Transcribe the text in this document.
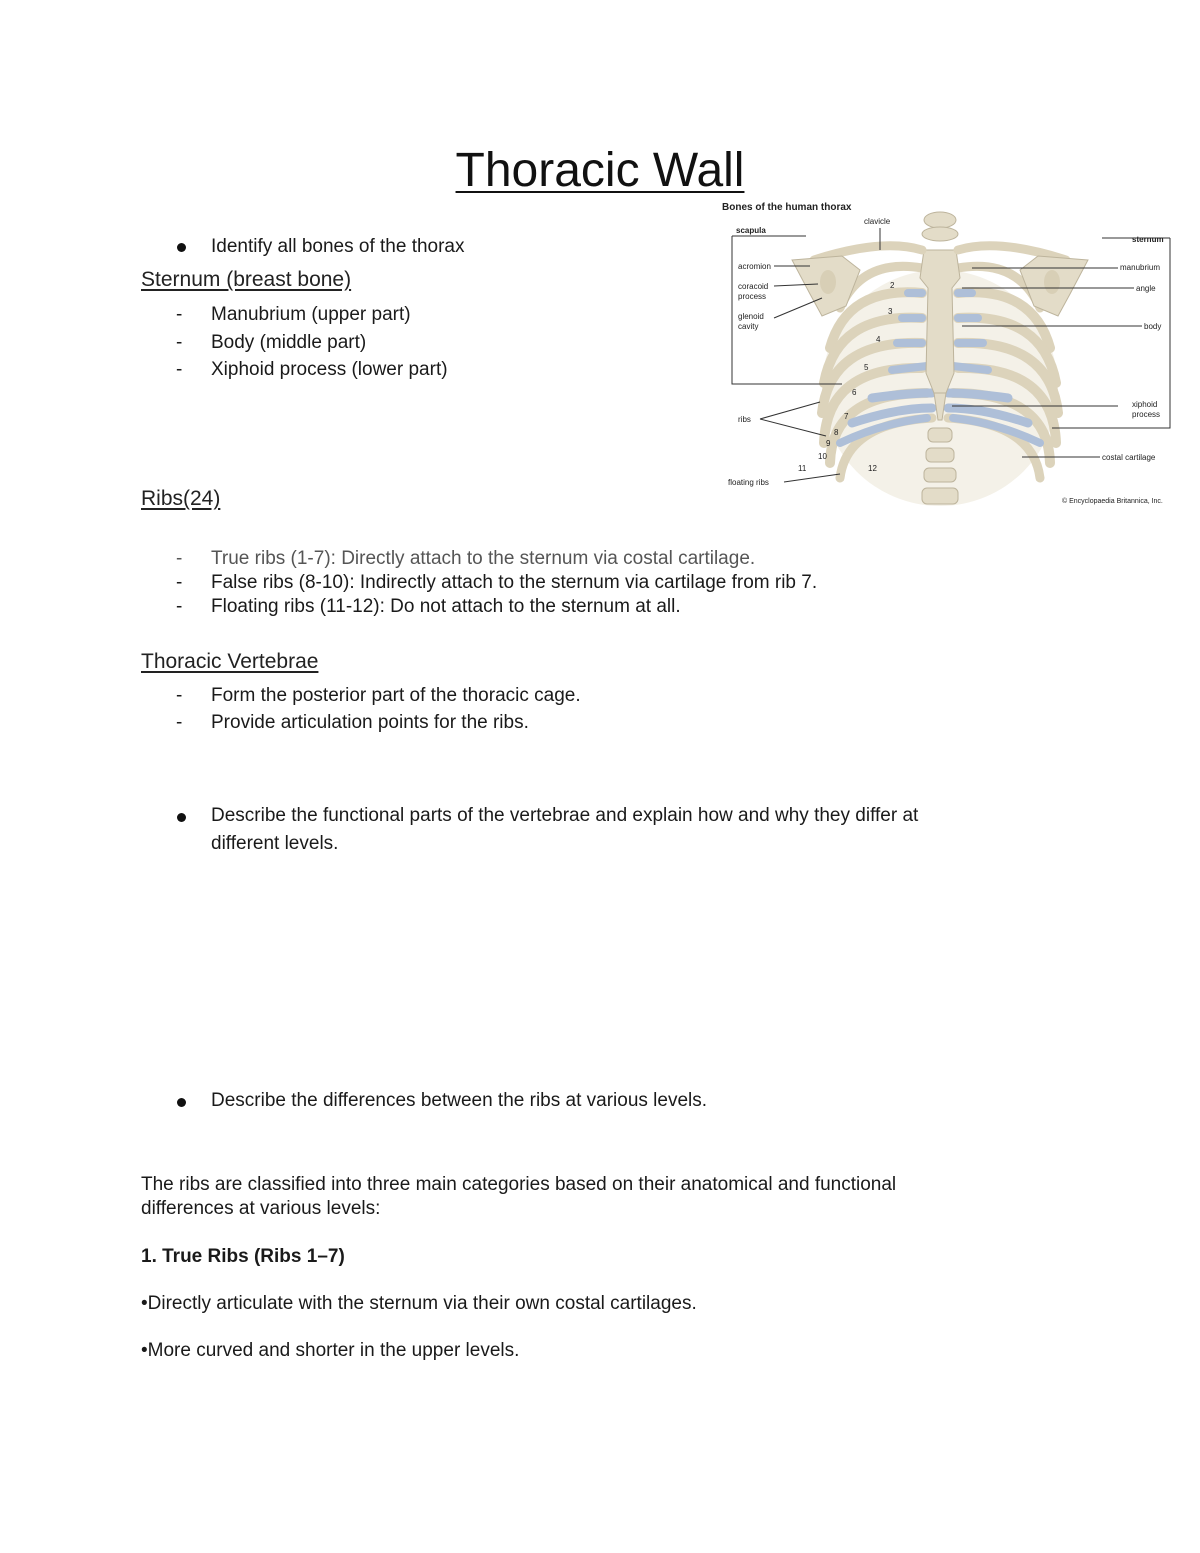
Thoracic Wall
Identify all bones of the thorax
Sternum (breast bone)
- Manubrium (upper part)
- Body (middle part)
- Xiphoid process (lower part)
Ribs(24)
- True ribs (1-7): Directly attach to the sternum via costal cartilage.
- False ribs (8-10): Indirectly attach to the sternum via cartilage from rib 7.
- Floating ribs (11-12): Do not attach to the sternum at all.
Thoracic Vertebrae
- Form the posterior part of the thoracic cage.
- Provide articulation points for the ribs.
Describe the functional parts of the vertebrae and explain how and why they differ at
different levels.
Describe the differences between the ribs at various levels.
The ribs are classified into three main categories based on their anatomical and functional
differences at various levels:
1. True Ribs (Ribs 1–7)
•Directly articulate with the sternum via their own costal cartilages.
•More curved and shorter in the upper levels.
Bones of the human thorax
scapula
clavicle
sternum
acromion
coracoid
process
glenoid
cavity
manubrium
angle
body
xiphoid
process
costal cartilage
ribs
floating ribs
© Encyclopaedia Britannica, Inc.
2
3
4
5
6
7
8
9
10
11	12
